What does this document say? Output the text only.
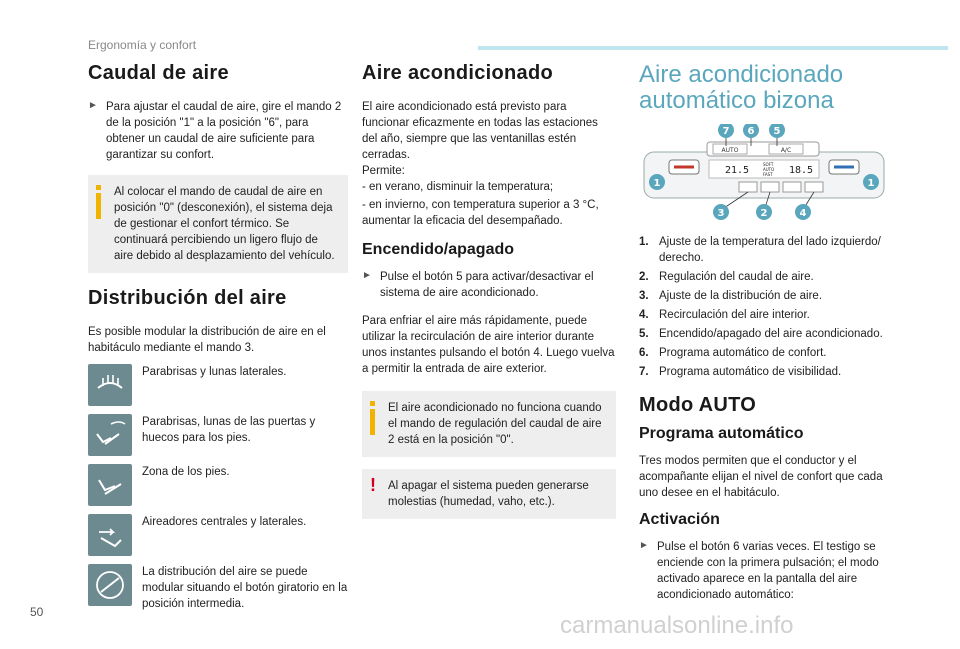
Ergonomía y confort
Caudal de aire
► Para ajustar el caudal de aire, gire el mando 2 de la posición "1" a la posición "6", para obtener un caudal de aire suficiente para garantizar su confort.

Al colocar el mando de caudal de aire en posición "0" (desconexión), el sistema deja de gestionar el confort térmico. Se continuará percibiendo un ligero flujo de aire debido al desplazamiento del vehículo.

Distribución del aire

Es posible modular la distribución de aire en el habitáculo mediante el mando 3.

Parabrisas y lunas laterales.

Parabrisas, lunas de las puertas y huecos para los pies.

Zona de los pies.

Aireadores centrales y laterales.

La distribución del aire se puede modular situando el botón giratorio en la posición intermedia.

Aire acondicionado

El aire acondicionado está previsto para funcionar eficazmente en todas las estaciones del año, siempre que las ventanillas estén cerradas.

Permite:

- en verano, disminuir la temperatura;

- en invierno, con temperatura superior a 3 °C, aumentar la eficacia del desempañado.

Encendido/apagado
► Pulse el botón 5 para activar/desactivar el sistema de aire acondicionado.

Para enfriar el aire más rápidamente, puede utilizar la recirculación de aire interior durante unos instantes pulsando el botón 4. Luego vuelva a permitir la entrada de aire exterior.

El aire acondicionado no funciona cuando el mando de regulación del caudal de aire 2 está en la posición "0".

! Al apagar el sistema pueden generarse molestias (humedad, vaho, etc.).

Aire acondicionado automático bizona
AUTO	A/C
21.5
SOFT
AUTO
FAST 18.5
7 6 5
1	1
3	2	4
1. Ajuste de la temperatura del lado izquierdo/ derecho.
2. Regulación del caudal de aire.
3. Ajuste de la distribución de aire.
4. Recirculación del aire interior.
5. Encendido/apagado del aire acondicionado.
6. Programa automático de confort.
7. Programa automático de visibilidad.
Modo AUTO
Programa automático

Tres modos permiten que el conductor y el acompañante elijan el nivel de confort que cada uno desee en el habitáculo.

Activación
► Pulse el botón 6 varias veces. El testigo se enciende con la primera pulsación; el modo activado aparece en la pantalla del aire acondicionado automático:

50	carmanualsonline.info
